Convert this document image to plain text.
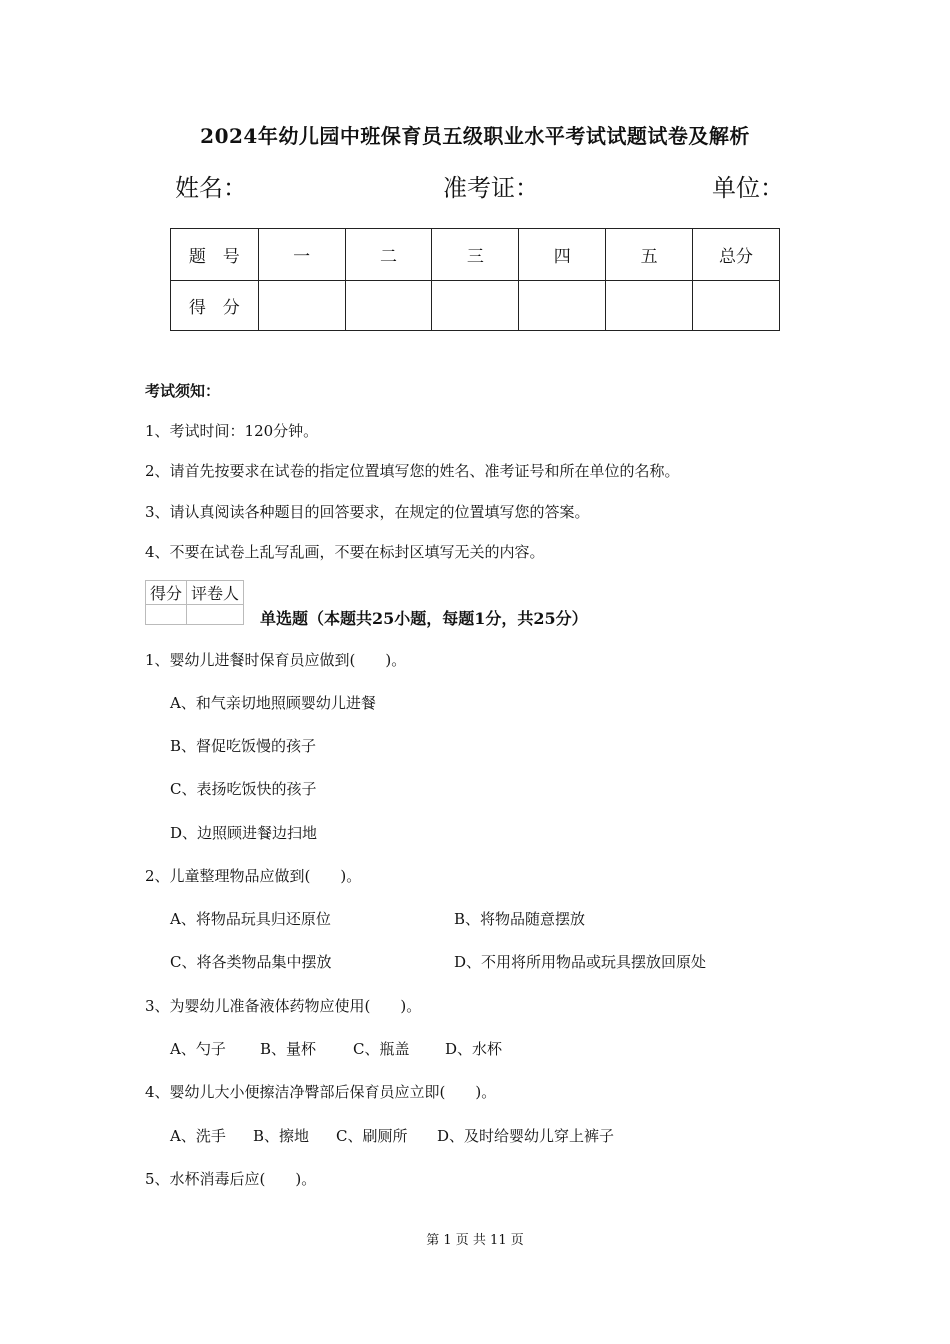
2024年幼儿园中班保育员五级职业水平考试试题试卷及解析
姓名：	准考证：	单位：
题　号	一	二	三	四	五	总分
得　分						
考试须知：
1、考试时间：120分钟。
2、请首先按要求在试卷的指定位置填写您的姓名、准考证号和所在单位的名称。
3、请认真阅读各种题目的回答要求，在规定的位置填写您的答案。
4、不要在试卷上乱写乱画，不要在标封区填写无关的内容。
得分	评卷人

单选题（本题共25小题，每题1分，共25分）
1、婴幼儿进餐时保育员应做到(　　)。
A、和气亲切地照顾婴幼儿进餐
B、督促吃饭慢的孩子
C、表扬吃饭快的孩子
D、边照顾进餐边扫地
2、儿童整理物品应做到(　　)。
A、将物品玩具归还原位	B、将物品随意摆放
C、将各类物品集中摆放	D、不用将所用物品或玩具摆放回原处
3、为婴幼儿准备液体药物应使用(　　)。
A、勺子 B、量杯 C、瓶盖 D、水杯
4、婴幼儿大小便擦洁净臀部后保育员应立即(　　)。
A、洗手 B、擦地 C、刷厕所 D、及时给婴幼儿穿上裤子
5、水杯消毒后应(　　)。
第 1 页 共 11 页
